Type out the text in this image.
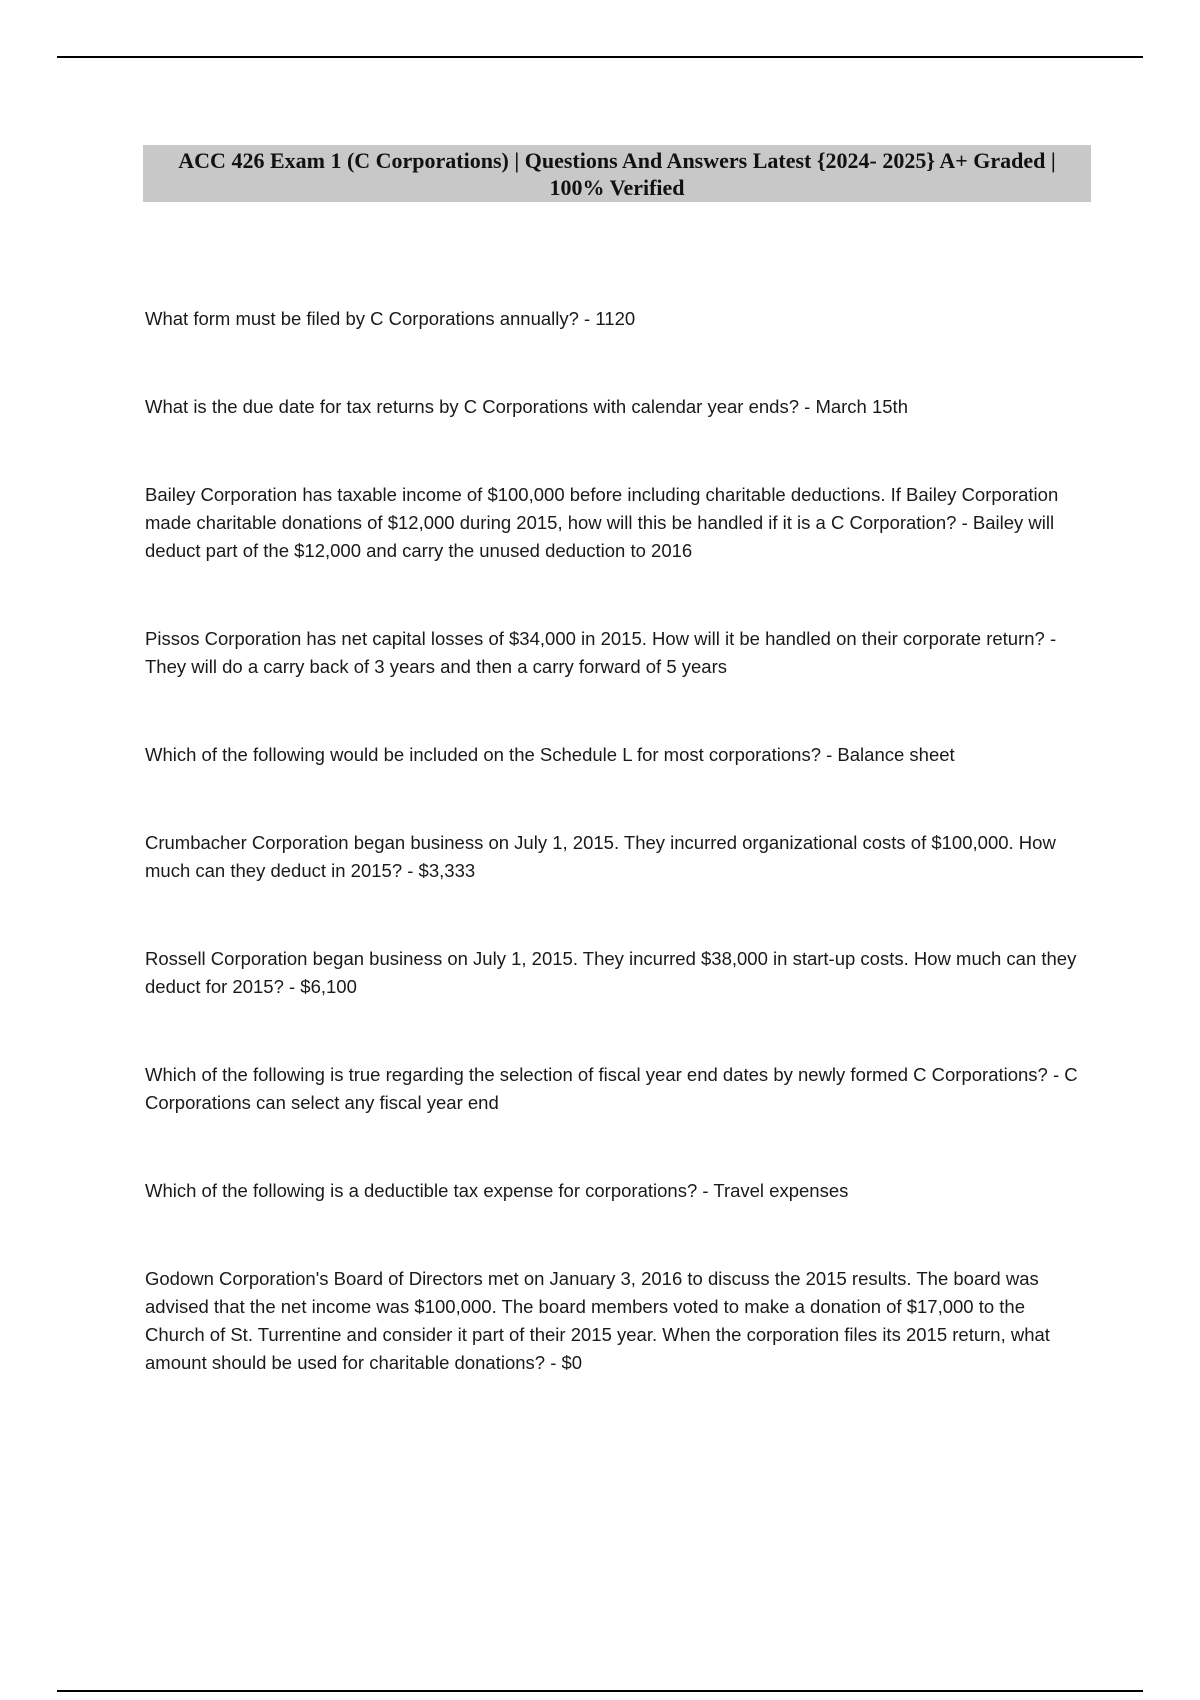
ACC 426 Exam 1 (C Corporations) | Questions And Answers Latest {2024- 2025} A+ Graded | 100% Verified
What form must be filed by C Corporations annually? - 1120
What is the due date for tax returns by C Corporations with calendar year ends? - March 15th
Bailey Corporation has taxable income of $100,000 before including charitable deductions. If Bailey Corporation made charitable donations of $12,000 during 2015, how will this be handled if it is a C Corporation? - Bailey will deduct part of the $12,000 and carry the unused deduction to 2016
Pissos Corporation has net capital losses of $34,000 in 2015. How will it be handled on their corporate return? - They will do a carry back of 3 years and then a carry forward of 5 years
Which of the following would be included on the Schedule L for most corporations? - Balance sheet
Crumbacher Corporation began business on July 1, 2015. They incurred organizational costs of $100,000. How much can they deduct in 2015? - $3,333
Rossell Corporation began business on July 1, 2015. They incurred $38,000 in start-up costs. How much can they deduct for 2015? - $6,100
Which of the following is true regarding the selection of fiscal year end dates by newly formed C Corporations? - C Corporations can select any fiscal year end
Which of the following is a deductible tax expense for corporations? - Travel expenses
Godown Corporation's Board of Directors met on January 3, 2016 to discuss the 2015 results. The board was advised that the net income was $100,000. The board members voted to make a donation of $17,000 to the Church of St. Turrentine and consider it part of their 2015 year. When the corporation files its 2015 return, what amount should be used for charitable donations? - $0
